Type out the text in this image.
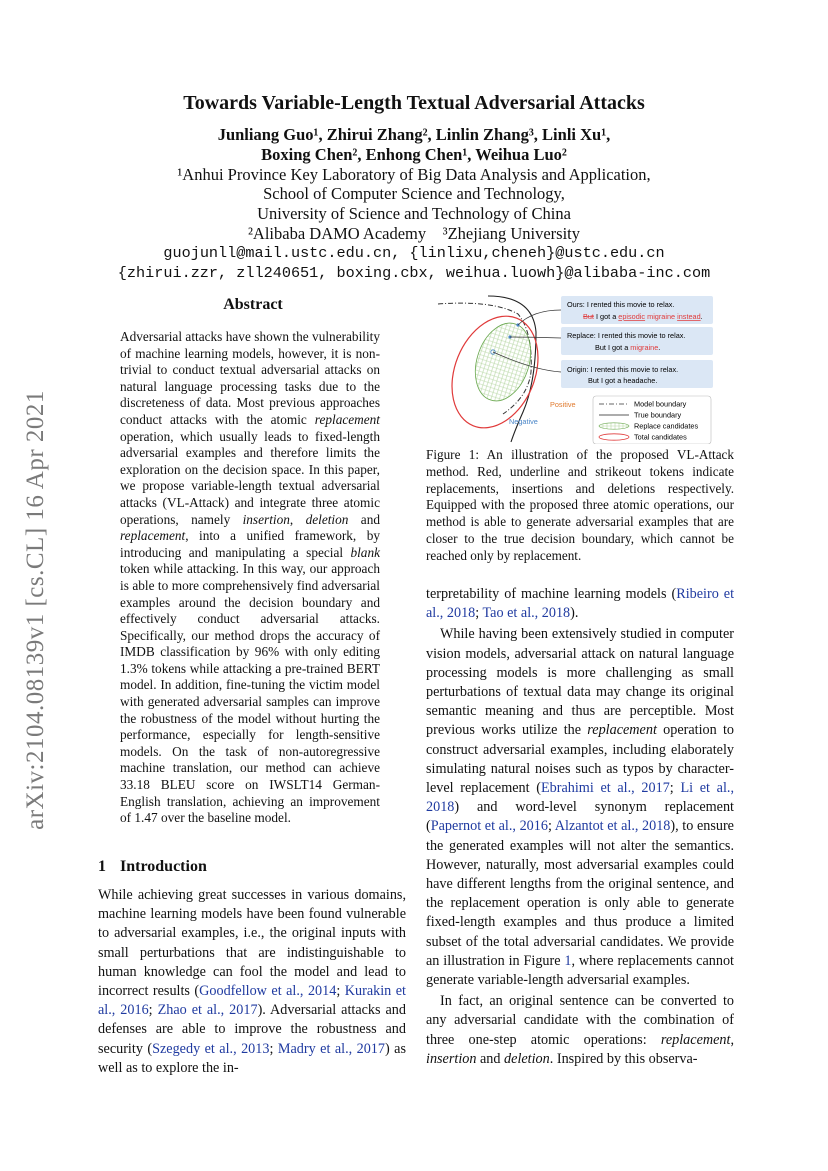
arXiv:2104.08139v1 [cs.CL] 16 Apr 2021
Towards Variable-Length Textual Adversarial Attacks
Junliang Guo¹, Zhirui Zhang², Linlin Zhang³, Linli Xu¹,
Boxing Chen², Enhong Chen¹, Weihua Luo²
¹Anhui Province Key Laboratory of Big Data Analysis and Application,
School of Computer Science and Technology,
University of Science and Technology of China
²Alibaba DAMO Academy    ³Zhejiang University
guojunll@mail.ustc.edu.cn, {linlixu,cheneh}@ustc.edu.cn
{zhirui.zzr, zll240651, boxing.cbx, weihua.luowh}@alibaba-inc.com
Abstract
Adversarial attacks have shown the vulnerability of machine learning models, however, it is non-trivial to conduct textual adversarial attacks on natural language processing tasks due to the discreteness of data. Most previous approaches conduct attacks with the atomic replacement operation, which usually leads to fixed-length adversarial examples and therefore limits the exploration on the decision space. In this paper, we propose variable-length textual adversarial attacks (VL-Attack) and integrate three atomic operations, namely insertion, deletion and replacement, into a unified framework, by introducing and manipulating a special blank token while attacking. In this way, our approach is able to more comprehensively find adversarial examples around the decision boundary and effectively conduct adversarial attacks. Specifically, our method drops the accuracy of IMDB classification by 96% with only editing 1.3% tokens while attacking a pre-trained BERT model. In addition, fine-tuning the victim model with generated adversarial samples can improve the robustness of the model without hurting the performance, especially for length-sensitive models. On the task of non-autoregressive machine translation, our method can achieve 33.18 BLEU score on IWSLT14 German-English translation, achieving an improvement of 1.47 over the baseline model.
1 Introduction
While achieving great successes in various domains, machine learning models have been found vulnerable to adversarial examples, i.e., the original inputs with small perturbations that are indistinguishable to human knowledge can fool the model and lead to incorrect results (Goodfellow et al., 2014; Kurakin et al., 2016; Zhao et al., 2017). Adversarial attacks and defenses are able to improve the robustness and security (Szegedy et al., 2013; Madry et al., 2017) as well as to explore the in-
Ours: I rented this movie to relax.
But I got a episodic migraine instead.
Replace: I rented this movie to relax.
But I got a migraine.
Origin: I rented this movie to relax.
But I got a headache.
Positive
Negative
Model boundary
True boundary
Replace candidates
Total candidates
Figure 1: An illustration of the proposed VL-Attack method. Red, underline and strikeout tokens indicate replacements, insertions and deletions respectively. Equipped with the proposed three atomic operations, our method is able to generate adversarial examples that are closer to the true decision boundary, which cannot be reached only by replacement.

terpretability of machine learning models (Ribeiro et al., 2018; Tao et al., 2018).

While having been extensively studied in computer vision models, adversarial attack on natural language processing models is more challenging as small perturbations of textual data may change its original semantic meaning and thus are perceptible. Most previous works utilize the replacement operation to construct adversarial examples, including elaborately simulating natural noises such as typos by character-level replacement (Ebrahimi et al., 2017; Li et al., 2018) and word-level synonym replacement (Papernot et al., 2016; Alzantot et al., 2018), to ensure the generated examples will not alter the semantics. However, naturally, most adversarial examples could have different lengths from the original sentence, and the replacement operation is only able to generate fixed-length examples and thus produce a limited subset of the total adversarial candidates. We provide an illustration in Figure 1, where replacements cannot generate variable-length adversarial examples.

In fact, an original sentence can be converted to any adversarial candidate with the combination of three one-step atomic operations: replacement, insertion and deletion. Inspired by this observa-
